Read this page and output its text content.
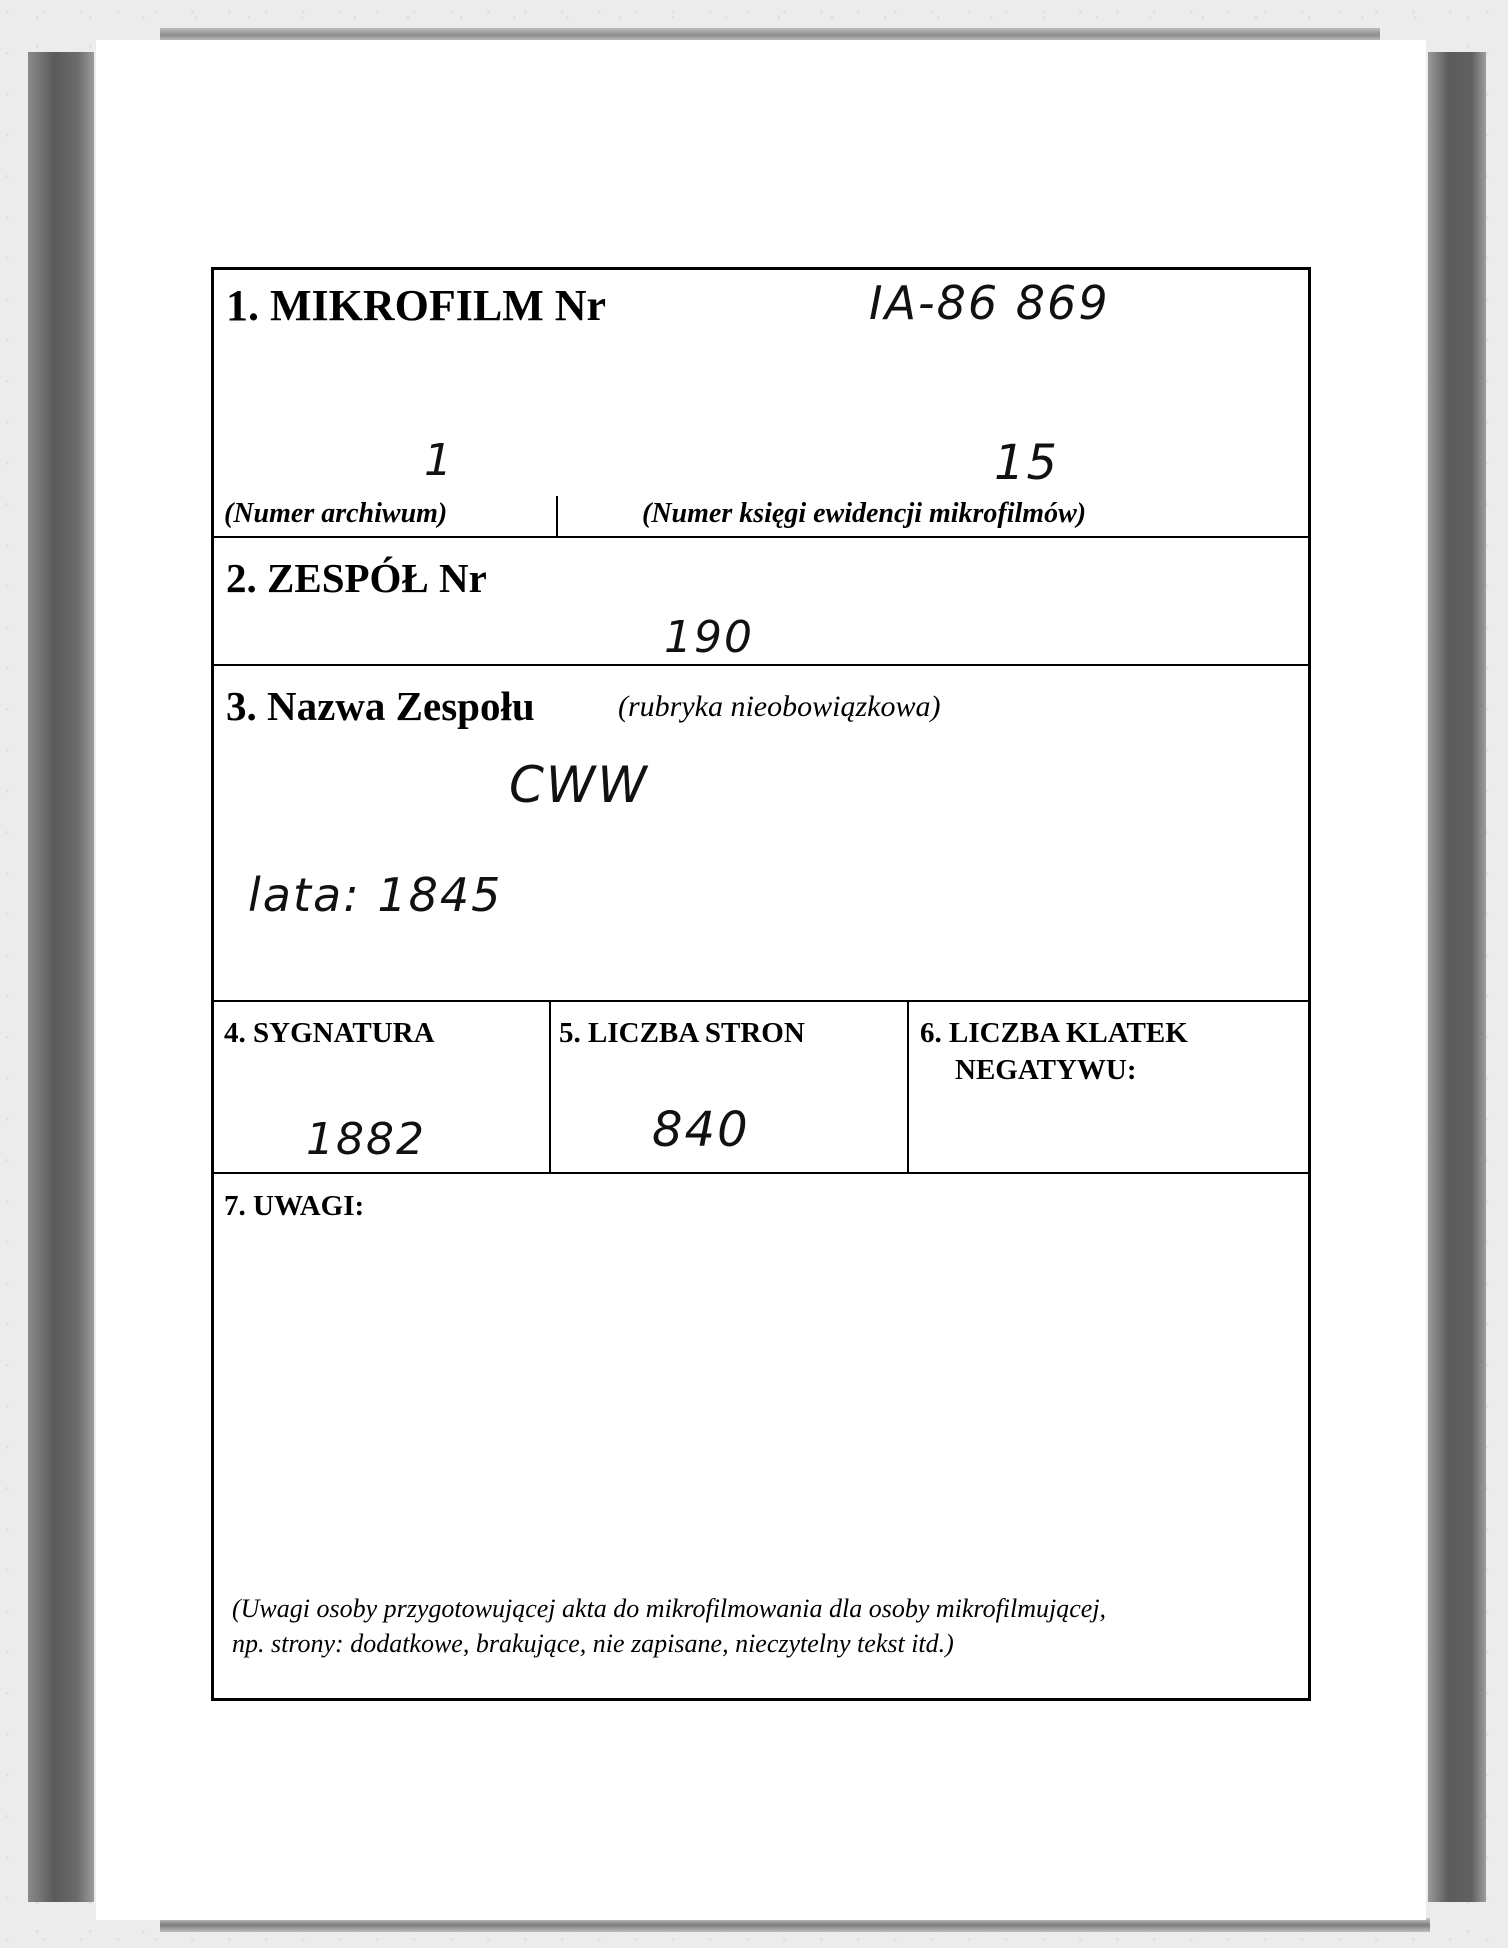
1. MIKROFILM Nr	IA-86 869
1	15
(Numer archiwum)	(Numer księgi ewidencji mikrofilmów)
2. ZESPÓŁ Nr
190
3. Nazwa Zespołu	(rubryka nieobowiązkowa)
CWW
lata: 1845
4. SYGNATURA
1882
5. LICZBA STRON
840
6. LICZBA KLATEK
NEGATYWU:
7. UWAGI:
(Uwagi osoby przygotowującej akta do mikrofilmowania dla osoby mikrofilmującej,
np. strony: dodatkowe, brakujące, nie zapisane, nieczytelny tekst itd.)
